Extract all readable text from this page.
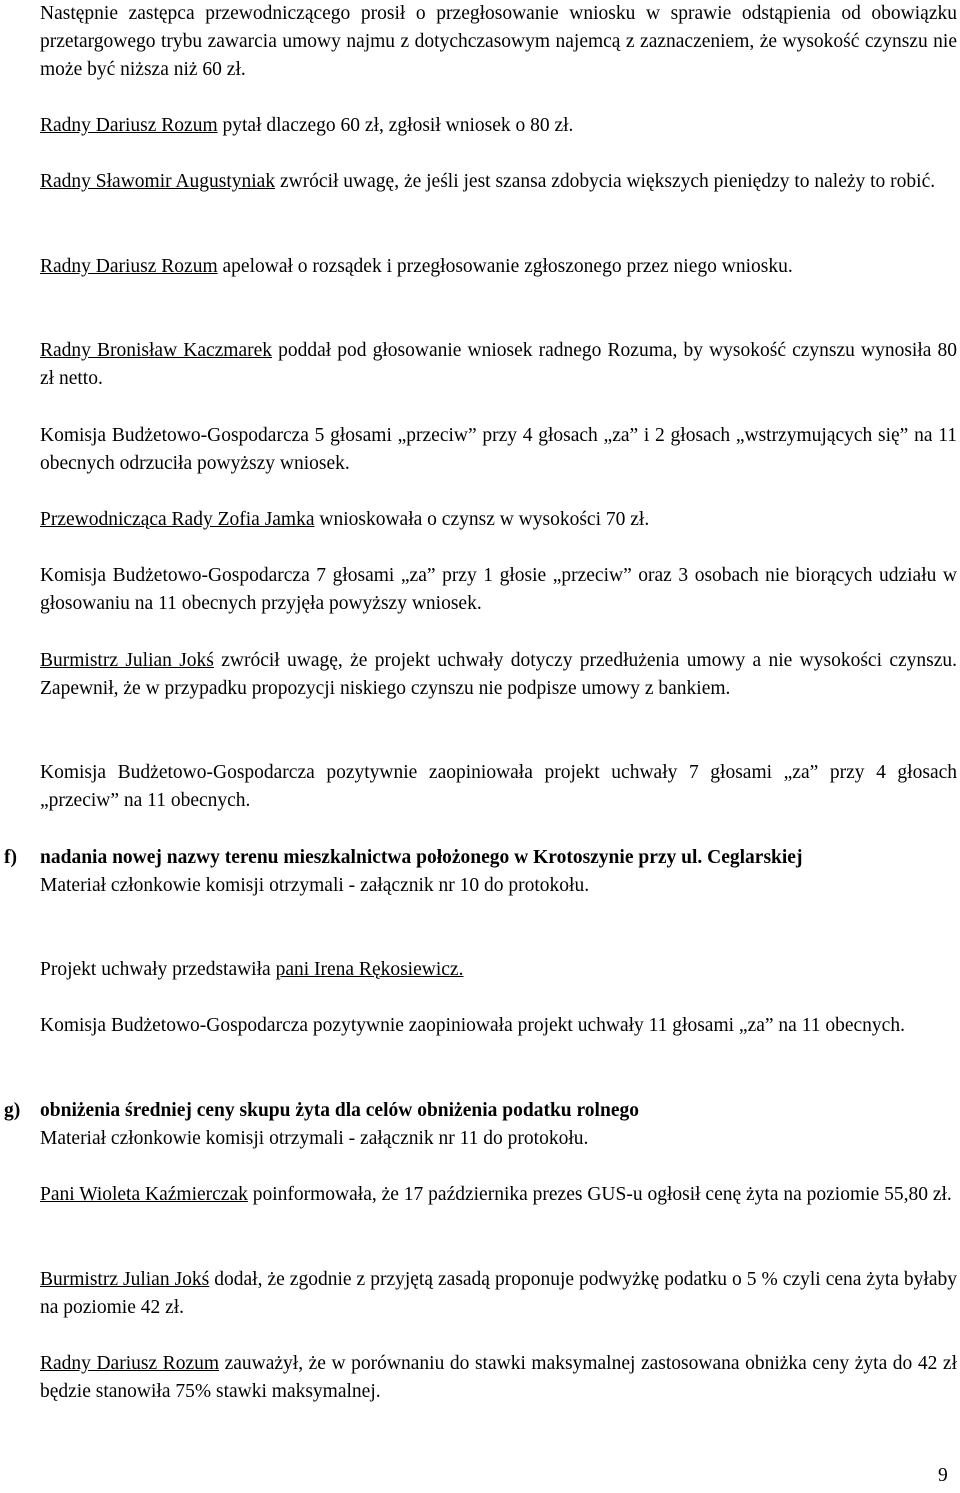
Następnie zastępca przewodniczącego prosił o przegłosowanie wniosku w sprawie odstąpienia od obowiązku przetargowego trybu zawarcia umowy najmu z dotychczasowym najemcą z zaznaczeniem, że wysokość czynszu nie może być niższa niż 60 zł.

Radny Dariusz Rozum pytał dlaczego 60 zł, zgłosił wniosek o 80 zł.

Radny Sławomir Augustyniak zwrócił uwagę, że jeśli jest szansa zdobycia większych pieniędzy to należy to robić.

Radny Dariusz Rozum apelował o rozsądek i przegłosowanie zgłoszonego przez niego wniosku.

Radny Bronisław Kaczmarek poddał pod głosowanie wniosek radnego Rozuma, by wysokość czynszu wynosiła 80 zł netto.

Komisja Budżetowo-Gospodarcza 5 głosami „przeciw” przy 4 głosach „za” i 2 głosach „wstrzymujących się” na 11 obecnych odrzuciła powyższy wniosek.

Przewodnicząca Rady Zofia Jamka wnioskowała o czynsz w wysokości 70 zł.

Komisja Budżetowo-Gospodarcza 7 głosami „za” przy 1 głosie „przeciw” oraz 3 osobach nie biorących udziału w głosowaniu na 11 obecnych przyjęła powyższy wniosek.

Burmistrz Julian Jokś zwrócił uwagę, że projekt uchwały dotyczy przedłużenia umowy a nie wysokości czynszu. Zapewnił, że w przypadku propozycji niskiego czynszu nie podpisze umowy z bankiem.

Komisja Budżetowo-Gospodarcza pozytywnie zaopiniowała projekt uchwały 7 głosami „za” przy 4 głosach „przeciw” na 11 obecnych.

f) nadania nowej nazwy terenu mieszkalnictwa położonego w Krotoszynie przy ul. Ceglarskiej

Materiał członkowie komisji otrzymali - załącznik nr 10 do protokołu.

Projekt uchwały przedstawiła pani Irena Rękosiewicz.

Komisja Budżetowo-Gospodarcza pozytywnie zaopiniowała projekt uchwały 11 głosami „za” na 11 obecnych.

g) obniżenia średniej ceny skupu żyta dla celów obniżenia podatku rolnego

Materiał członkowie komisji otrzymali - załącznik nr 11 do protokołu.

Pani Wioleta Kaźmierczak poinformowała, że 17 października prezes GUS-u ogłosił cenę żyta na poziomie 55,80 zł.

Burmistrz Julian Jokś dodał, że zgodnie z przyjętą zasadą proponuje podwyżkę podatku o 5 % czyli cena żyta byłaby na poziomie 42 zł.

Radny Dariusz Rozum zauważył, że w porównaniu do stawki maksymalnej zastosowana obniżka ceny żyta do 42 zł będzie stanowiła 75% stawki maksymalnej.

9
